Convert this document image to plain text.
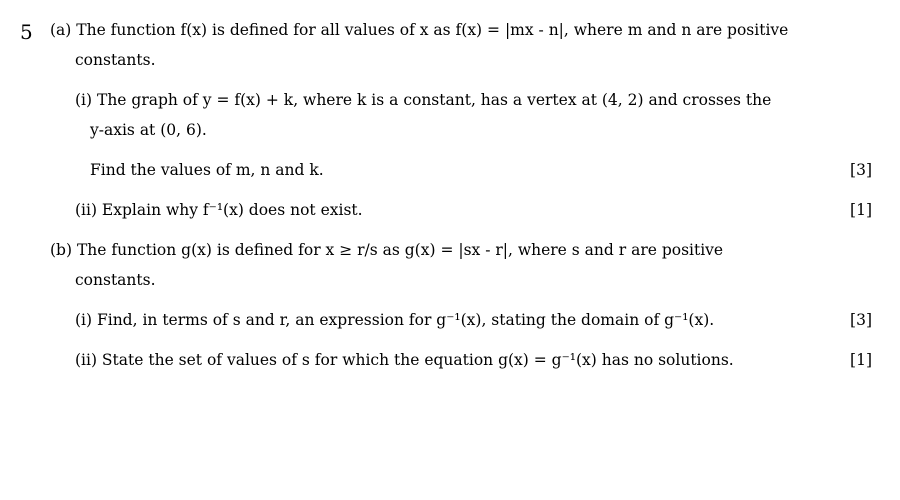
5 (a) The function f(x) is defined for all values of x as f(x) = |mx - n|, where m and n are positive
constants.
(i) The graph of y = f(x) + k, where k is a constant, has a vertex at (4, 2) and crosses the
y-axis at (0, 6).
Find the values of m, n and k.	[3]
(ii) Explain why f⁻¹(x) does not exist.	[1]
(b) The function g(x) is defined for x ≥ r/s as g(x) = |sx - r|, where s and r are positive
constants.
(i) Find, in terms of s and r, an expression for g⁻¹(x), stating the domain of g⁻¹(x).	[3]
(ii) State the set of values of s for which the equation g(x) = g⁻¹(x) has no solutions.	[1]
